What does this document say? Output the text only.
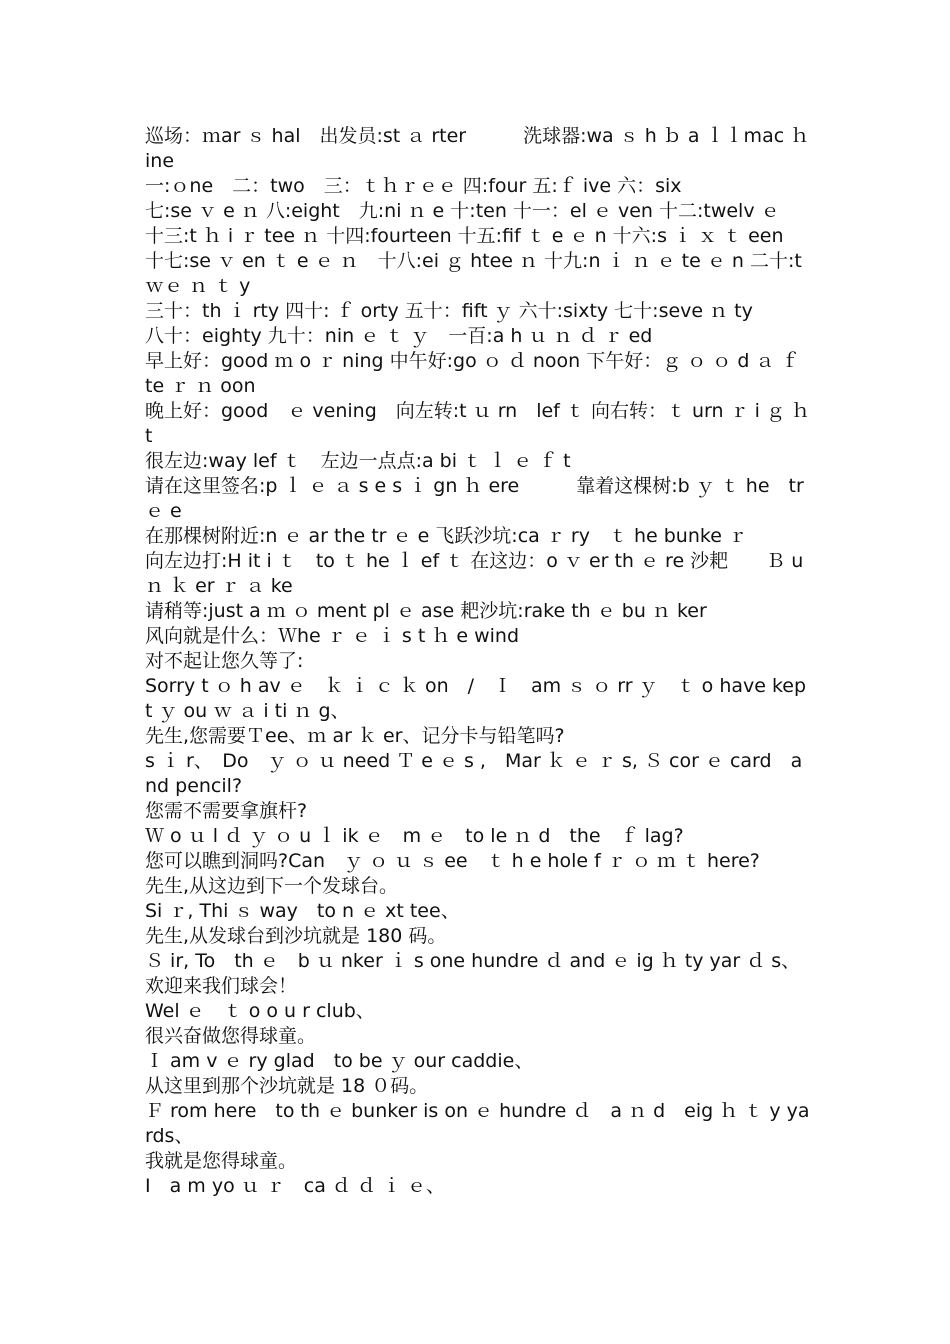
巡场：ｍar ｓ hal　出发员:st ａ rter　　　洗球器:wa ｓ h ｂ a ｌｌmac ｈ ine

一:ｏne　二：two　三：ｔｈｒｅｅ 四:four 五:ｆ ive 六：six

七:se ｖ e ｎ 八:eight　九:ni ｎ e 十:ten 十一：el ｅ ven 十二:twelv ｅ

十三:t ｈ i ｒ tee ｎ 十四:fourteen 十五:fif ｔ e ｅ n 十六:s ｉ ｘ ｔ een

十七:se ｖ en ｔ e ｅ ｎ　十八:ei ｇ htee ｎ 十九:n ｉ ｎ ｅ te ｅ n 二十:t ｗｅ ｎ ｔ y

三十：th ｉ rty 四十: ｆ orty 五十：fift ｙ 六十:sixty 七十:seve ｎ ty

八十：eighty 九十：nin ｅ ｔ ｙ　一百:a h ｕ ｎ ｄ ｒ ed

早上好：good ｍ o ｒ ning 中午好:go ｏ ｄ noon 下午好：ｇ ｏ ｏ d ａ ｆ te ｒ ｎ oon

晚上好：good　ｅ vening　向左转:t ｕ rn　lef ｔ 向右转：ｔ urn ｒ i ｇ ｈ t

很左边:way lef ｔ　左边一点点:a bi ｔ ｌ ｅ ｆ t

请在这里签名:p ｌ ｅ ａ s e s ｉ gn ｈ ere　　　靠着这棵树:b ｙ ｔ he　tr ｅ e

在那棵树附近:n ｅ ar the tr ｅ e 飞跃沙坑:ca ｒ ry　ｔ he bunke ｒ

向左边打:H it i ｔ　to ｔ he ｌ ef ｔ 在这边：o ｖ er th ｅ re 沙耙　　Ｂ u ｎ ｋ er ｒ ａ ke

请稍等:just a ｍ ｏ ment pl ｅ ase 耙沙坑:rake th ｅ bu ｎ ker

风向就是什么：Ｗhe ｒ ｅ ｉ s t ｈ e wind

对不起让您久等了:

Sorry t ｏ h av ｅ　ｋ ｉ ｃ ｋ on　/　Ｉ　am ｓ ｏ rr ｙ　ｔ o have kept ｙ ou ｗ ａ i ti ｎ g、

先生,您需要Ｔee、ｍ ar ｋ er、记分卡与铅笔吗?

s ｉ r、　Do　ｙ ｏ ｕ need Ｔ e ｅ s ,　Mar ｋ ｅ ｒ s, Ｓ cor ｅ card　and pencil?

您需不需要拿旗杆?

Ｗ o ｕ l ｄ ｙ ｏ u ｌ ik ｅ　m ｅ　to le ｎ d　the　ｆ lag?

您可以瞧到洞吗?Can　ｙ ｏ ｕ ｓ ee　ｔ h e hole f ｒ ｏ ｍ ｔ here?

先生,从这边到下一个发球台。

Si ｒ, Thi ｓ way　to n ｅ xt tee、

先生,从发球台到沙坑就是 180 码。

Ｓ ir, To　th ｅ　b ｕ nker ｉ s one hundre ｄ and ｅ ig ｈ ty yar ｄ s、

欢迎来我们球会！

Wel ｅ　ｔ o o u r club、

很兴奋做您得球童。

Ｉ am v ｅ ry glad　to be ｙ our caddie、

从这里到那个沙坑就是 18 ０码。

Ｆ rom here　to th ｅ bunker is on ｅ hundre ｄ　a ｎ d　eig ｈ ｔ y yards、

我就是您得球童。

I　a m yo ｕ ｒ　ca ｄ ｄ ｉ ｅ、
